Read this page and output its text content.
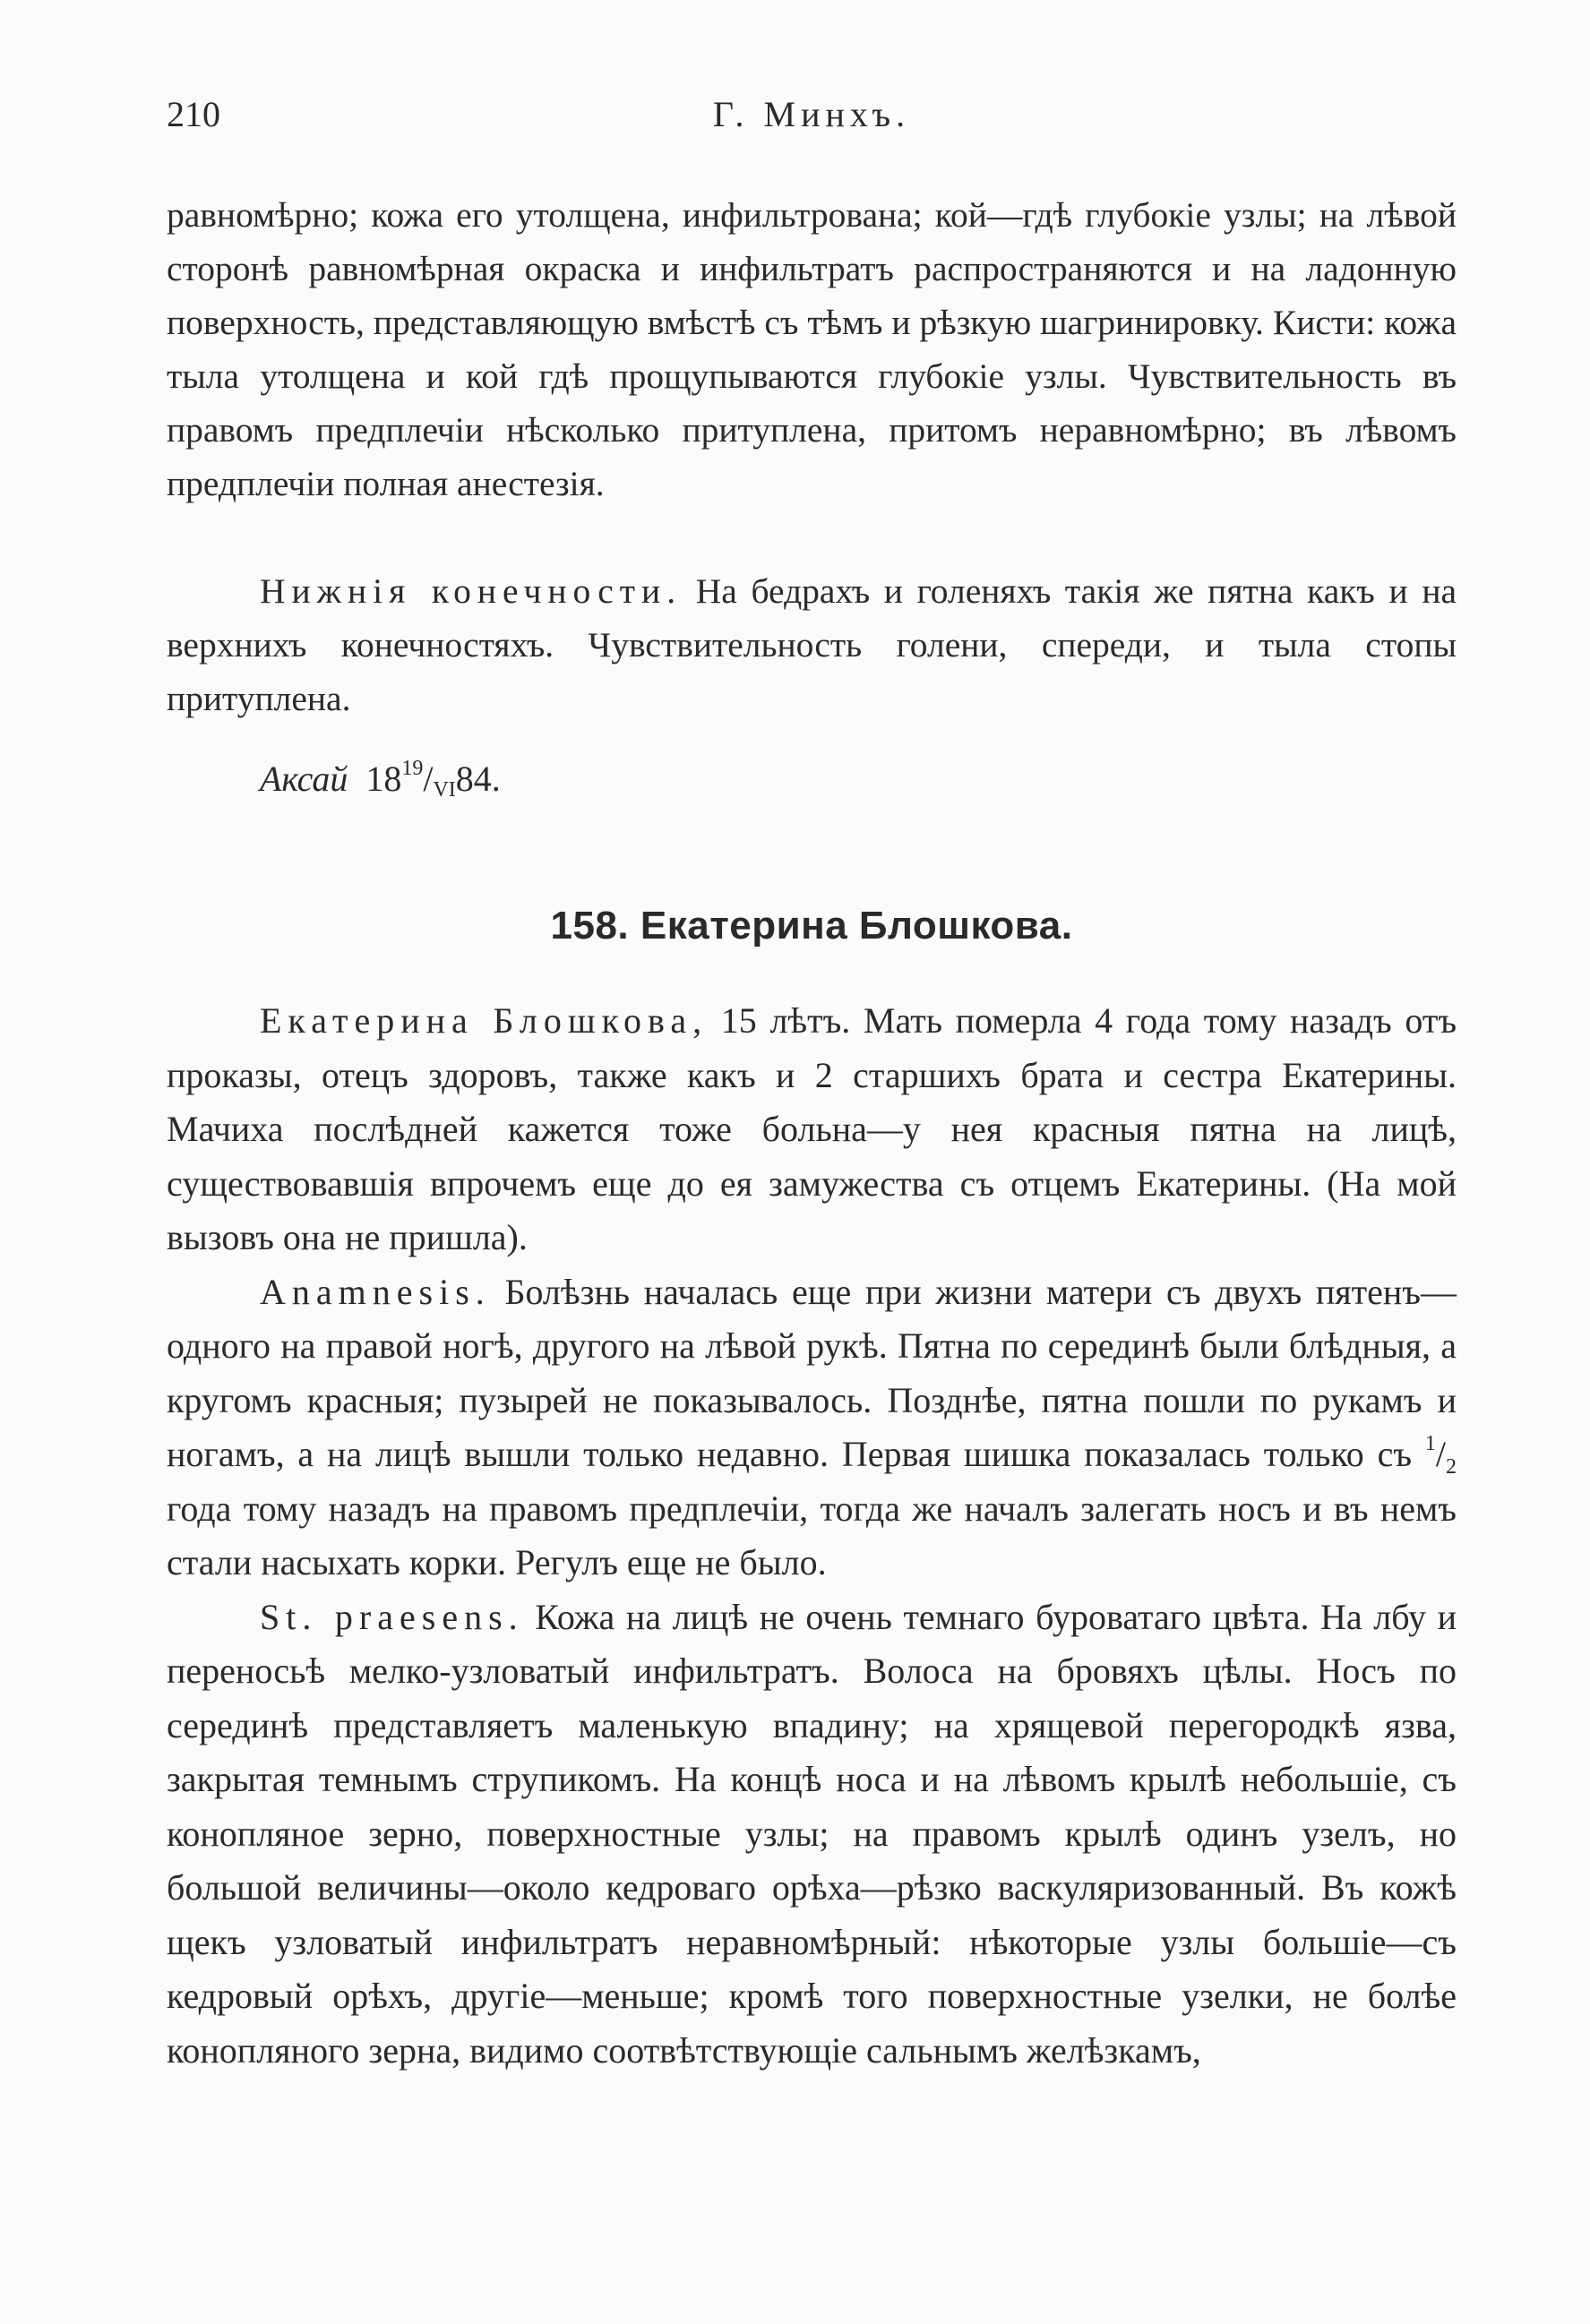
210	Г. Минхъ.

равномѣрно; кожа его утолщена, инфильтрована; кой—гдѣ глубокіе узлы; на лѣвой сторонѣ равномѣрная окраска и инфильтратъ распространяются и на ладонную поверхность, представляющую вмѣстѣ съ тѣмъ и рѣзкую шагринировку. Кисти: кожа тыла утолщена и кой гдѣ прощупываются глубокіе узлы. Чувствительность въ правомъ предплечіи нѣсколько притуплена, притомъ неравномѣрно; въ лѣвомъ предплечіи полная анестезія.

Нижнія конечности. На бедрахъ и голеняхъ такія же пятна какъ и на верхнихъ конечностяхъ. Чувствительность голени, спереди, и тыла стопы притуплена.

Аксай $18^{19}/_{VI}84$.
158. Екатерина Блошкова.

Екатерина Блошкова, 15 лѣтъ. Мать померла 4 года тому назадъ отъ проказы, отецъ здоровъ, также какъ и 2 старшихъ брата и сестра Екатерины. Мачиха послѣдней кажется тоже больна—у нея красныя пятна на лицѣ, существовавшія впрочемъ еще до ея замужества съ отцемъ Екатерины. (На мой вызовъ она не пришла).

Anamnesis. Болѣзнь началась еще при жизни матери съ двухъ пятенъ—одного на правой ногѣ, другого на лѣвой рукѣ. Пятна по серединѣ были блѣдныя, а кругомъ красныя; пузырей не показывалось. Позднѣе, пятна пошли по рукамъ и ногамъ, а на лицѣ вышли только недавно. Первая шишка показалась только съ $^1/_2$ года тому назадъ на правомъ предплечіи, тогда же началъ залегать носъ и въ немъ стали насыхать корки. Регулъ еще не было.

St. praesens. Кожа на лицѣ не очень темнаго буроватаго цвѣта. На лбу и переносьѣ мелко-узловатый инфильтратъ. Волоса на бровяхъ цѣлы. Носъ по серединѣ представляетъ маленькую впадину; на хрящевой перегородкѣ язва, закрытая темнымъ струпикомъ. На концѣ носа и на лѣвомъ крылѣ небольшіе, съ конопляное зерно, поверхностные узлы; на правомъ крылѣ одинъ узелъ, но большой величины—около кедроваго орѣха—рѣзко васкуляризованный. Въ кожѣ щекъ узловатый инфильтратъ неравномѣрный: нѣкоторые узлы большіе—съ кедровый орѣхъ, другіе—меньше; кромѣ того поверхностные узелки, не болѣе конопляного зерна, видимо соотвѣтствующіе сальнымъ желѣзкамъ,
